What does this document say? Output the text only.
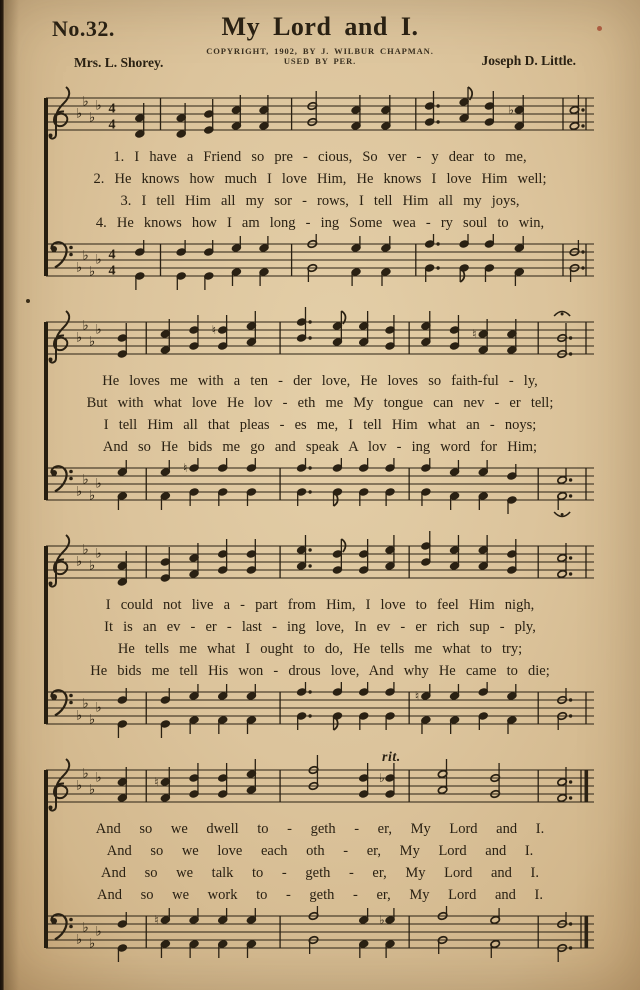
No.32.	My Lord and I.
COPYRIGHT, 1902, BY J. WILBUR CHAPMAN.
USED BY PER.
Mrs. L. Shorey.	Joseph D. Little.
♭
♭
♭
♭ 4
4
♭
1. I have a Friend so pre - cious, So ver - y dear to me,
2. He knows how much I love Him, He knows I love Him well;
3. I tell Him all my sor - rows, I tell Him all my joys,
4. He knows how I am long - ing Some wea - ry soul to win,
♭
♭
♭
♭ 4
4
♭
♭
♭
♭	♮	♮
He loves me with a ten - der love, He loves so faith-ful - ly,
But with what love He lov - eth me My tongue can nev - er tell;
I tell Him all that pleas - es me, I tell Him what an - noys;
And so He bids me go and speak A lov - ing word for Him;
♭
♭
♭
♭
♮
♭
♭
♭
♭
I could not live a - part from Him, I love to feel Him nigh,
It is an ev - er - last - ing love, In ev - er rich sup - ply,
He tells me what I ought to do, He tells me what to try;
He bids me tell His won - drous love, And why He came to die;
♭
♭
♭
♭
♮
rit.
♭
♭
♭
♭	♮	♭
And so we dwell to - geth - er, My Lord and I.
And so we love each oth - er, My Lord and I.
And so we talk to - geth - er, My Lord and I.
And so we work to - geth - er, My Lord and I.
♭
♭
♭
♭
♮	♭
